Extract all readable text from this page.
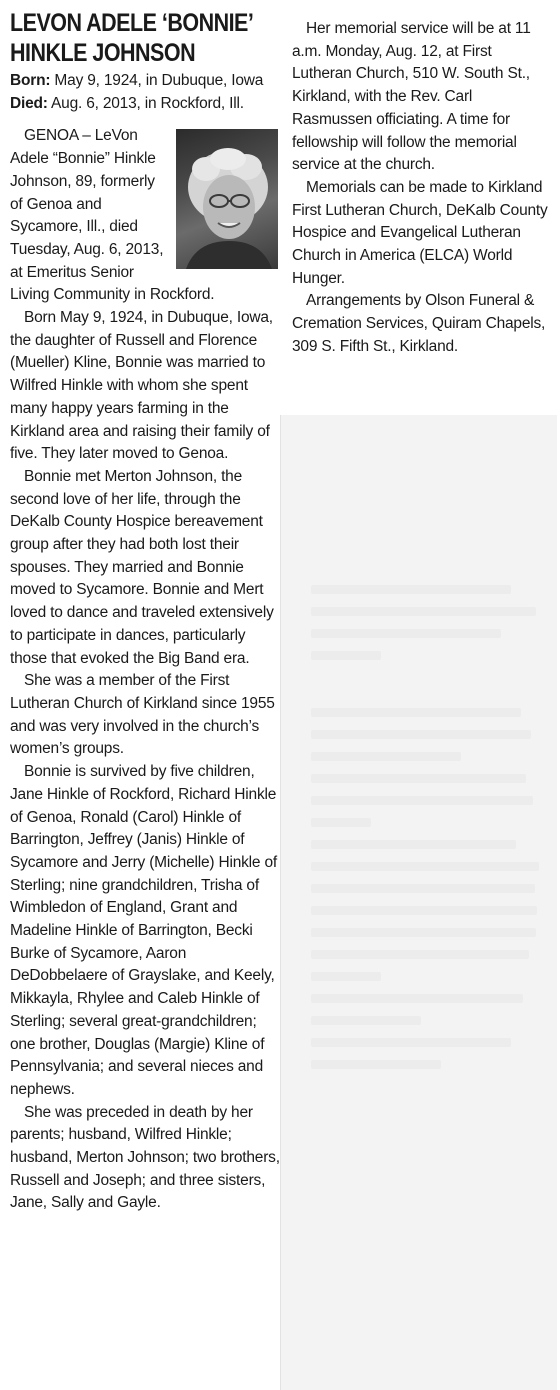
LEVON ADELE ‘BONNIE’ HINKLE JOHNSON

Born: May 9, 1924, in Dubuque, Iowa

Died: Aug. 6, 2013, in Rockford, Ill.

GENOA – LeVon Adele “Bonnie” Hinkle Johnson, 89, formerly of Genoa and Sycamore, Ill., died Tuesday, Aug. 6, 2013, at Emeritus Senior Living Community in Rockford.

Born May 9, 1924, in Dubuque, Iowa, the daughter of Russell and Florence (Mueller) Kline, Bonnie was married to Wilfred Hinkle with whom she spent many happy years farming in the Kirkland area and raising their family of five. They later moved to Genoa.

Bonnie met Merton Johnson, the second love of her life, through the DeKalb County Hospice bereavement group after they had both lost their spouses. They married and Bonnie moved to Sycamore. Bonnie and Mert loved to dance and traveled extensively to participate in dances, particularly those that evoked the Big Band era.

She was a member of the First Lutheran Church of Kirkland since 1955 and was very involved in the church’s women’s groups.

Bonnie is survived by five children, Jane Hinkle of Rockford, Richard Hinkle of Genoa, Ronald (Carol) Hinkle of Barrington, Jeffrey (Janis) Hinkle of Sycamore and Jerry (Michelle) Hinkle of Sterling; nine grandchildren, Trisha of Wimbledon of England, Grant and Madeline Hinkle of Barrington, Becki Burke of Sycamore, Aaron DeDobbelaere of Grayslake, and Keely, Mikkayla, Rhylee and Caleb Hinkle of Sterling; several great-grandchildren; one brother, Douglas (Margie) Kline of Pennsylvania; and several nieces and nephews.

She was preceded in death by her parents; husband, Wilfred Hinkle; husband, Merton Johnson; two brothers, Russell and Joseph; and three sisters, Jane, Sally and Gayle.

Her memorial service will be at 11 a.m. Monday, Aug. 12, at First Lutheran Church, 510 W. South St., Kirkland, with the Rev. Carl Rasmussen officiating. A time for fellowship will follow the memorial service at the church.

Memorials can be made to Kirkland First Lutheran Church, DeKalb County Hospice and Evangelical Lutheran Church in America (ELCA) World Hunger.

Arrangements by Olson Funeral & Cremation Services, Quiram Chapels, 309 S. Fifth St., Kirkland.
